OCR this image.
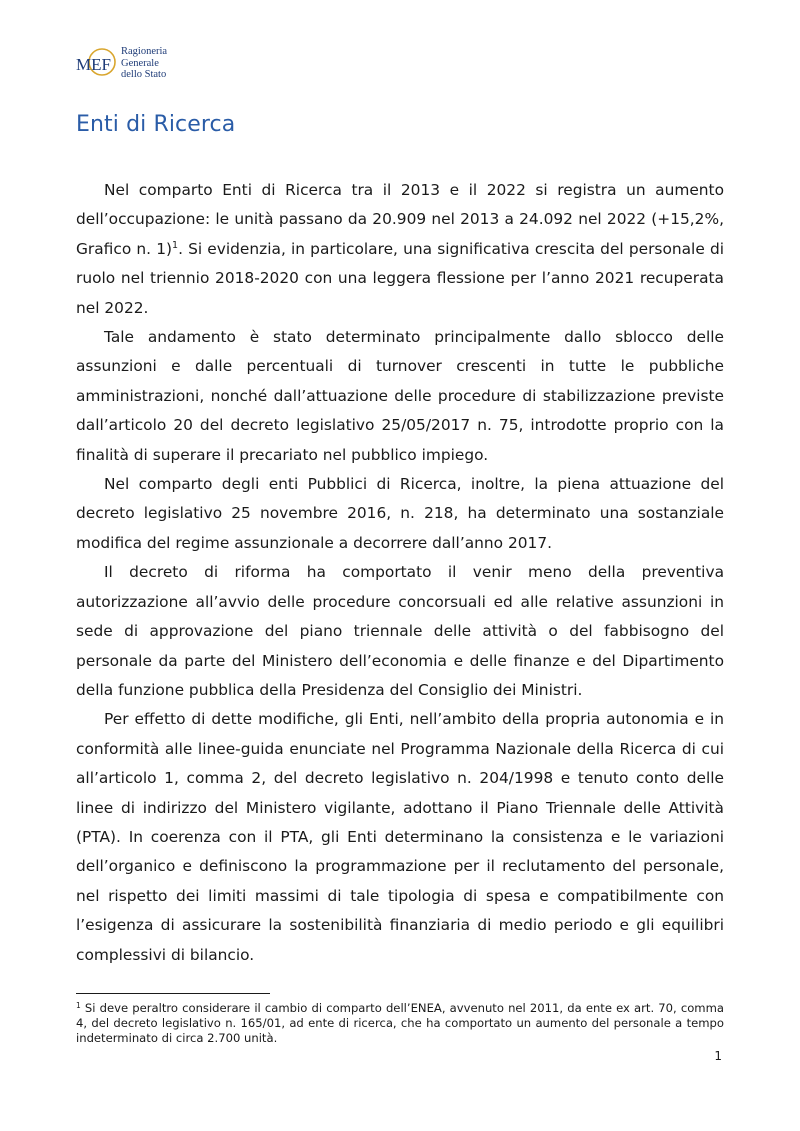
MEF
Ragioneria
Generale
dello Stato
Enti di Ricerca

Nel comparto Enti di Ricerca tra il 2013 e il 2022 si registra un aumento dell’occupazione: le unità passano da 20.909 nel 2013 a 24.092 nel 2022 (+15,2%, Grafico n. 1)$^1$. Si evidenzia, in particolare, una significativa crescita del personale di ruolo nel triennio 2018-2020 con una leggera flessione per l’anno 2021 recuperata nel 2022.

Tale andamento è stato determinato principalmente dallo sblocco delle assunzioni e dalle percentuali di turnover crescenti in tutte le pubbliche amministrazioni, nonché dall’attuazione delle procedure di stabilizzazione previste dall’articolo 20 del decreto legislativo 25/05/2017 n. 75, introdotte proprio con la finalità di superare il precariato nel pubblico impiego.

Nel comparto degli enti Pubblici di Ricerca, inoltre, la piena attuazione del decreto legislativo 25 novembre 2016, n. 218, ha determinato una sostanziale modifica del regime assunzionale a decorrere dall’anno 2017.

Il decreto di riforma ha comportato il venir meno della preventiva autorizzazione all’avvio delle procedure concorsuali ed alle relative assunzioni in sede di approvazione del piano triennale delle attività o del fabbisogno del personale da parte del Ministero dell’economia e delle finanze e del Dipartimento della funzione pubblica della Presidenza del Consiglio dei Ministri.

Per effetto di dette modifiche, gli Enti, nell’ambito della propria autonomia e in conformità alle linee-guida enunciate nel Programma Nazionale della Ricerca di cui all’articolo 1, comma 2, del decreto legislativo n. 204/1998 e tenuto conto delle linee di indirizzo del Ministero vigilante, adottano il Piano Triennale delle Attività (PTA). In coerenza con il PTA, gli Enti determinano la consistenza e le variazioni dell’organico e definiscono la programmazione per il reclutamento del personale, nel rispetto dei limiti massimi di tale tipologia di spesa e compatibilmente con l’esigenza di assicurare la sostenibilità finanziaria di medio periodo e gli equilibri complessivi di bilancio.

$^1$ Si deve peraltro considerare il cambio di comparto dell’ENEA, avvenuto nel 2011, da ente ex art. 70, comma 4, del decreto legislativo n. 165/01, ad ente di ricerca, che ha comportato un aumento del personale a tempo indeterminato di circa 2.700 unità.

1
